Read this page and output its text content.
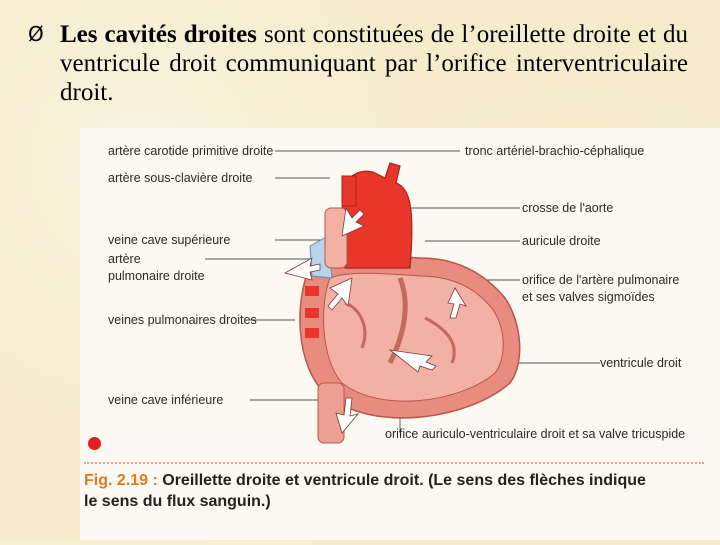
Ø Les cavités droites sont constituées de l’oreillette droite et du ventricule droit communiquant par l’orifice interventriculaire droit.
artère carotide primitive droite
artère sous-clavière droite
veine cave supérieure
artère
pulmonaire droite
veines pulmonaires droites
veine cave inférieure
tronc artériel-brachio-céphalique
crosse de l'aorte
auricule droite
orifice de l'artère pulmonaire
et ses valves sigmoïdes
ventricule droit
orifice auriculo-ventriculaire droit et sa valve tricuspide
Fig. 2.19 : Oreillette droite et ventricule droit. (Le sens des flèches indique
le sens du flux sanguin.)
